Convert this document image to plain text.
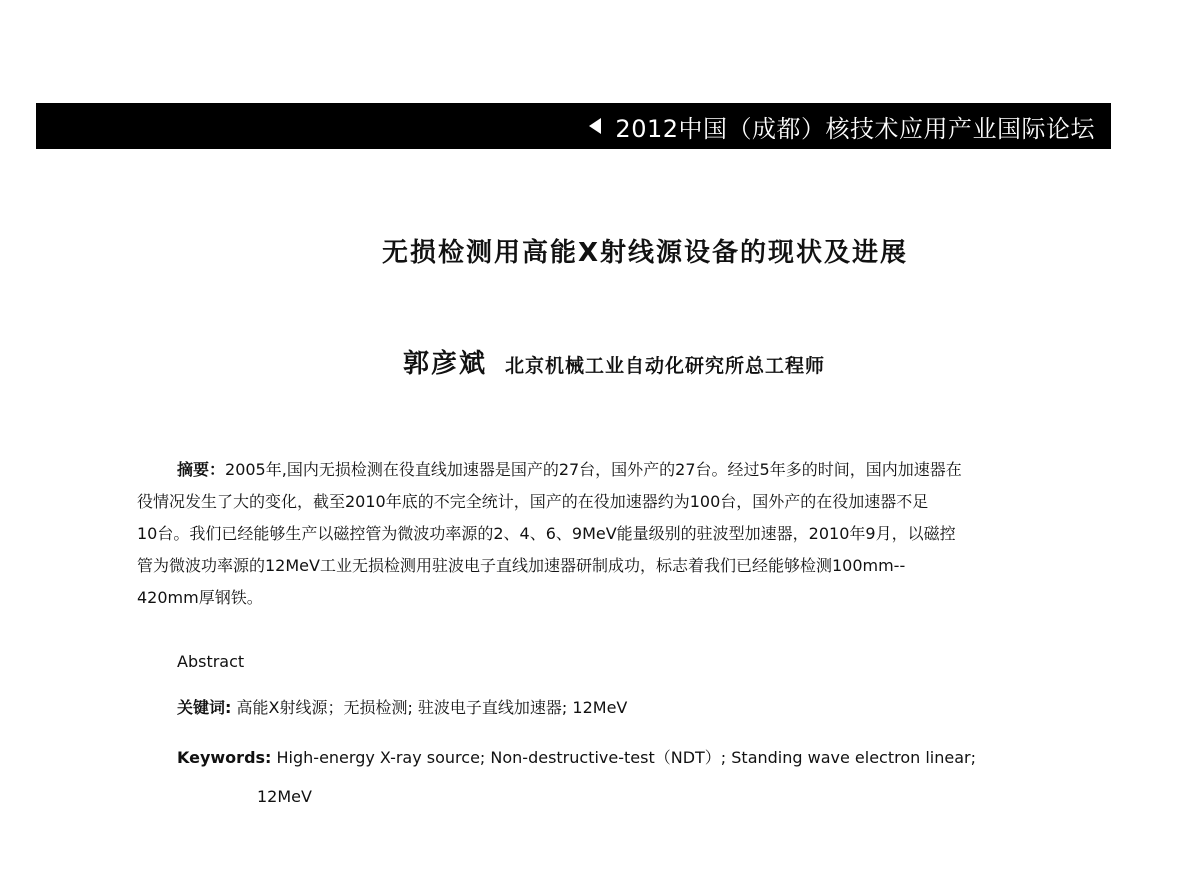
2012中国（成都）核技术应用产业国际论坛
无损检测用高能X射线源设备的现状及进展
郭彦斌 北京机械工业自动化研究所总工程师
摘要：2005年,国内无损检测在役直线加速器是国产的27台，国外产的27台。经过5年多的时间，国内加速器在
役情况发生了大的变化，截至2010年底的不完全统计，国产的在役加速器约为100台，国外产的在役加速器不足
10台。我们已经能够生产以磁控管为微波功率源的2、4、6、9MeV能量级别的驻波型加速器，2010年9月，以磁控
管为微波功率源的12MeV工业无损检测用驻波电子直线加速器研制成功，标志着我们已经能够检测100mm--
420mm厚钢铁。
Abstract
关键词: 高能X射线源；无损检测; 驻波电子直线加速器; 12MeV
Keywords: High-energy X-ray source; Non-destructive-test（NDT）; Standing wave electron linear;
12MeV
